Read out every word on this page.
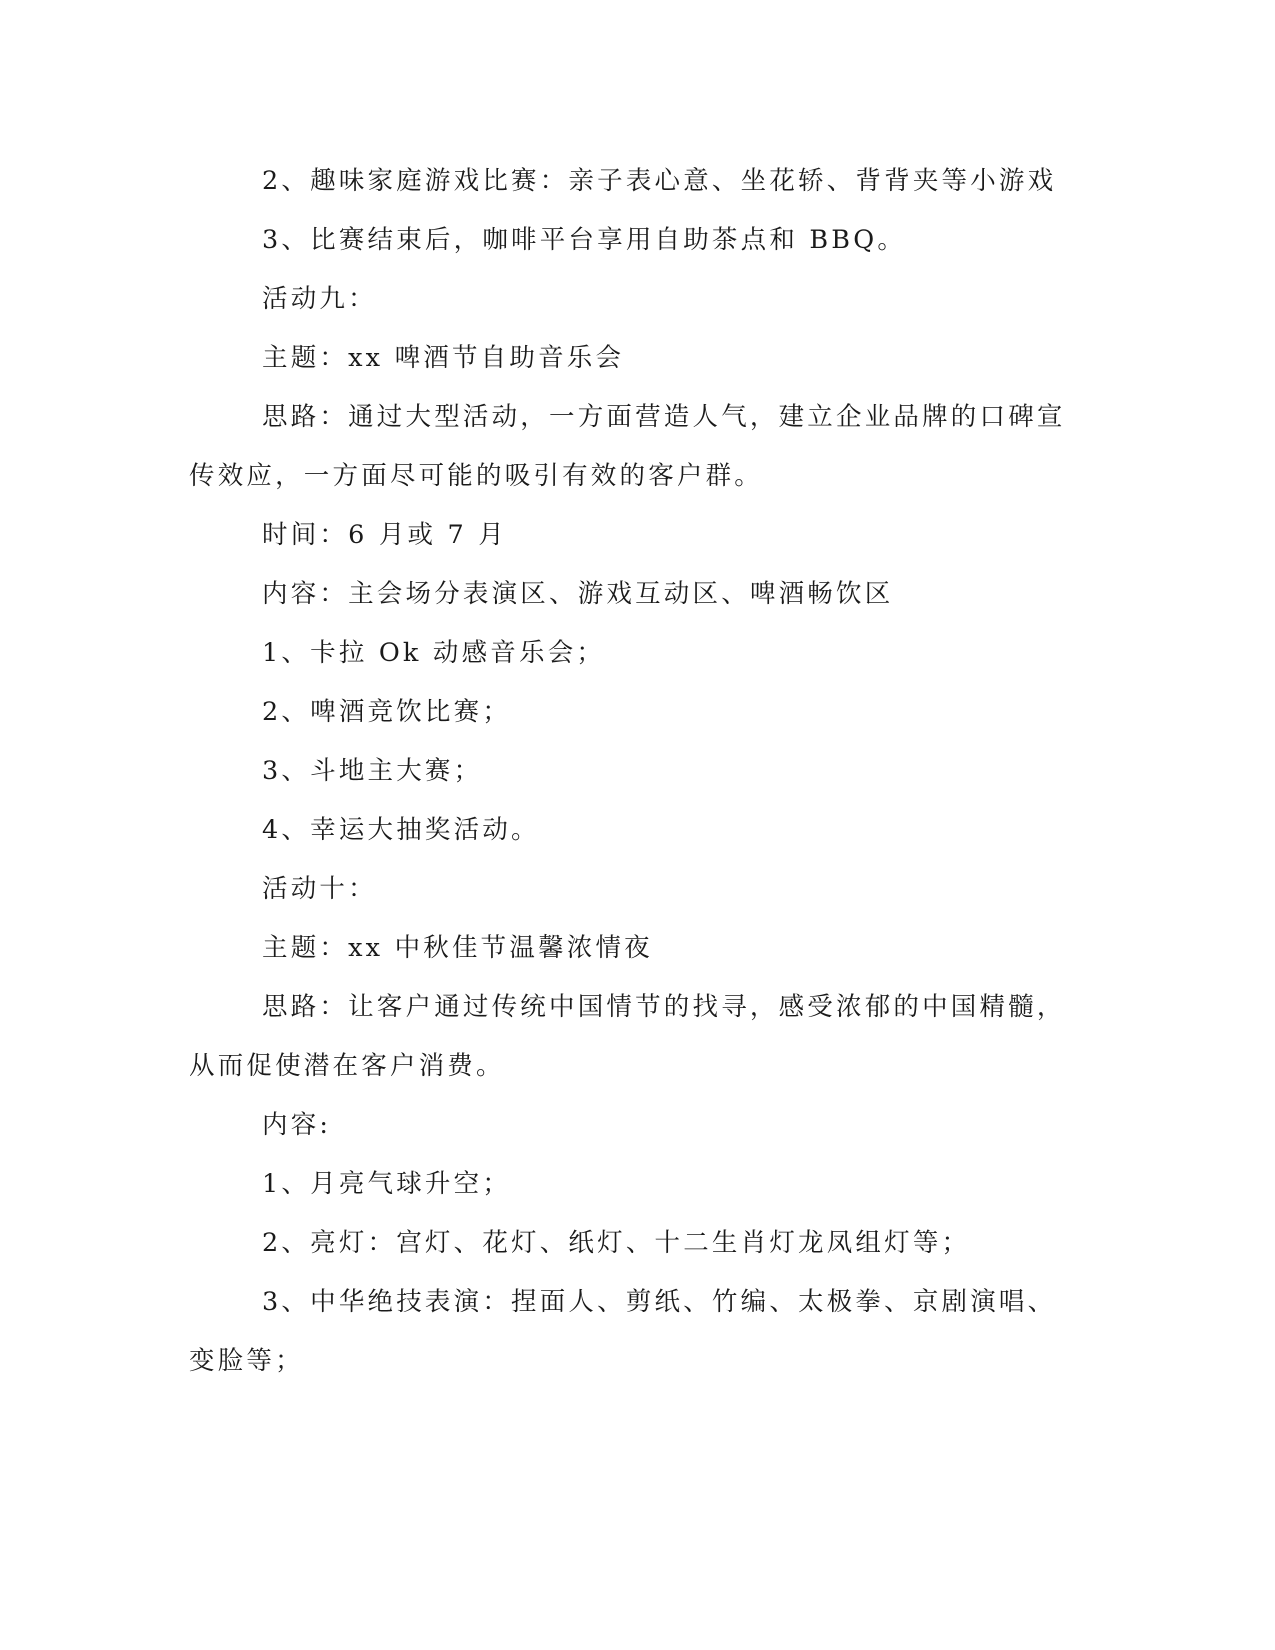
2、趣味家庭游戏比赛：亲子表心意、坐花轿、背背夹等小游戏
3、比赛结束后，咖啡平台享用自助茶点和 BBQ。
活动九：
主题：xx 啤酒节自助音乐会
思路：通过大型活动，一方面营造人气，建立企业品牌的口碑宣
传效应，一方面尽可能的吸引有效的客户群。
时间：6 月或 7 月
内容：主会场分表演区、游戏互动区、啤酒畅饮区
1、卡拉 Ok 动感音乐会；
2、啤酒竞饮比赛；
3、斗地主大赛；
4、幸运大抽奖活动。
活动十：
主题：xx 中秋佳节温馨浓情夜
思路：让客户通过传统中国情节的找寻，感受浓郁的中国精髓，
从而促使潜在客户消费。
内容:
1、月亮气球升空；
2、亮灯：宫灯、花灯、纸灯、十二生肖灯龙凤组灯等；
3、中华绝技表演：捏面人、剪纸、竹编、太极拳、京剧演唱、
变脸等；
